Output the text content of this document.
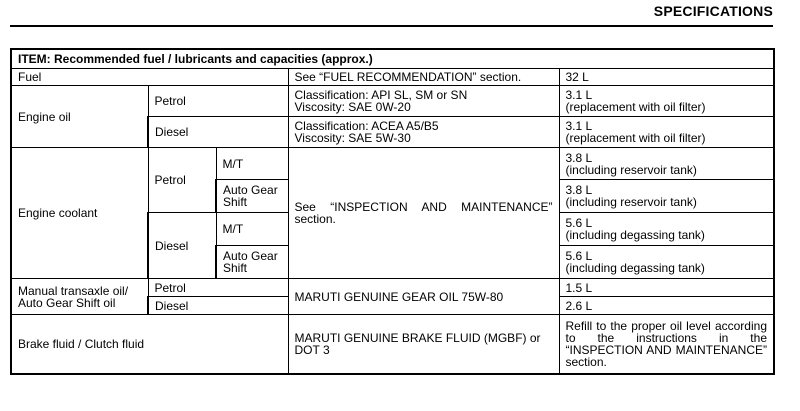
SPECIFICATIONS
ITEM: Recommended fuel / lubricants and capacities (approx.)				
Fuel			See “FUEL RECOMMENDATION” section.	32 L
Engine oil	Petrol		Classification: API SL, SM or SN
Viscosity: SAE 0W-20	3.1 L
(replacement with oil filter)
	Diesel		Classification: ACEA A5/B5
Viscosity: SAE 5W-30	3.1 L
(replacement with oil filter)
Engine coolant	Petrol	M/T	See “INSPECTION AND MAINTENANCE” section.	3.8 L
(including reservoir tank)
		Auto Gear Shift		3.8 L
(including reservoir tank)
	Diesel	M/T		5.6 L
(including degassing tank)
		Auto Gear Shift		5.6 L
(including degassing tank)
Manual transaxle oil/
Auto Gear Shift oil	Petrol		MARUTI GENUINE GEAR OIL 75W-80	1.5 L
	Diesel			2.6 L
Brake fluid / Clutch fluid			MARUTI GENUINE BRAKE FLUID (MGBF) or DOT 3	Refill to the proper oil level according to the instructions in the “INSPECTION AND MAINTENANCE” section.
